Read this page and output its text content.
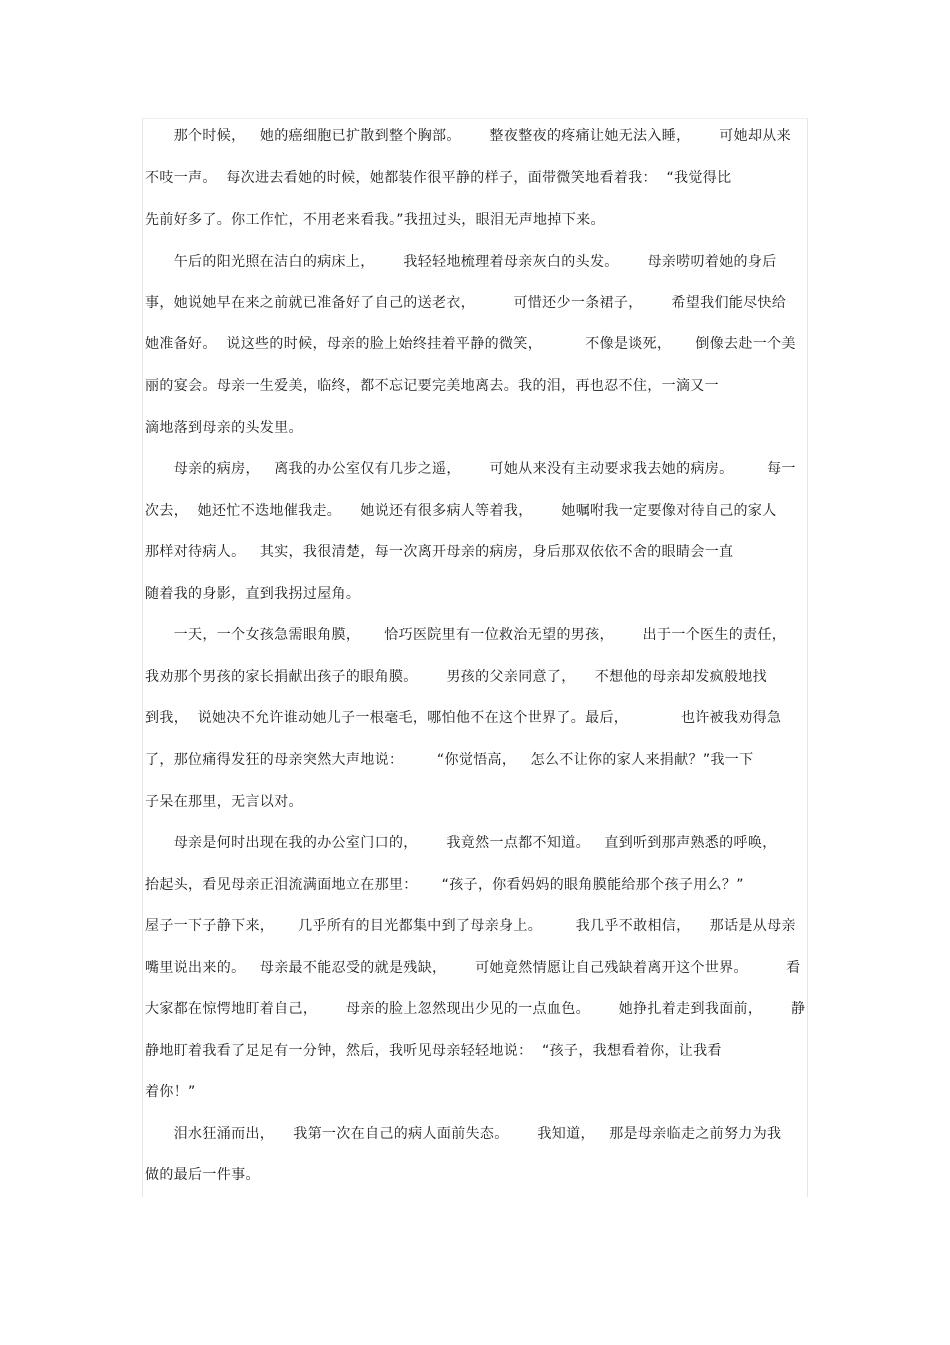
　　那个时候，   她的癌细胞已扩散到整个胸部。      整夜整夜的疼痛让她无法入睡，      可她却从来
不吱一声。  每次进去看她的时候，她都装作很平静的样子，面带微笑地看着我：  “我觉得比
先前好多了。你工作忙，不用老来看我。”我扭过头，眼泪无声地掉下来。
　　午后的阳光照在洁白的病床上，      我轻轻地梳理着母亲灰白的头发。      母亲唠叨着她的身后
事，她说她早在来之前就已准备好了自己的送老衣，        可惜还少一条裙子，      希望我们能尽快给
她准备好。  说这些的时候，母亲的脸上始终挂着平静的微笑，         不像是谈死，     倒像去赴一个美
丽的宴会。母亲一生爱美，临终，都不忘记要完美地离去。我的泪，再也忍不住，一滴又一
滴地落到母亲的头发里。
　　母亲的病房，   离我的办公室仅有几步之遥，      可她从来没有主动要求我去她的病房。       每一
次去，  她还忙不迭地催我走。    她说还有很多病人等着我，      她嘱咐我一定要像对待自己的家人
那样对待病人。   其实，我很清楚，每一次离开母亲的病房，身后那双依依不舍的眼睛会一直
随着我的身影，直到我拐过屋角。
　　一天，一个女孩急需眼角膜，     恰巧医院里有一位救治无望的男孩，      出于一个医生的责任，
我劝那个男孩的家长捐献出孩子的眼角膜。      男孩的父亲同意了，    不想他的母亲却发疯般地找
到我，  说她决不允许谁动她儿子一根毫毛，哪怕他不在这个世界了。最后，           也许被我劝得急
了，那位痛得发狂的母亲突然大声地说：       “你觉悟高，   怎么不让你的家人来捐献？”我一下
子呆在那里，无言以对。
　　母亲是何时出现在我的办公室门口的，      我竟然一点都不知道。   直到听到那声熟悉的呼唤，
抬起头，看见母亲正泪流满面地立在那里：     “孩子，你看妈妈的眼角膜能给那个孩子用么？”
屋子一下子静下来，     几乎所有的目光都集中到了母亲身上。       我几乎不敢相信，    那话是从母亲
嘴里说出来的。   母亲最不能忍受的就是残缺，      可她竟然情愿让自己残缺着离开这个世界。        看
大家都在惊愕地盯着自己，      母亲的脸上忽然现出少见的一点血色。      她挣扎着走到我面前，      静
静地盯着我看了足足有一分钟，然后，我听见母亲轻轻地说：  “孩子，我想看着你，让我看
着你！”
　　泪水狂涌而出，    我第一次在自己的病人面前失态。      我知道，   那是母亲临走之前努力为我
做的最后一件事。
